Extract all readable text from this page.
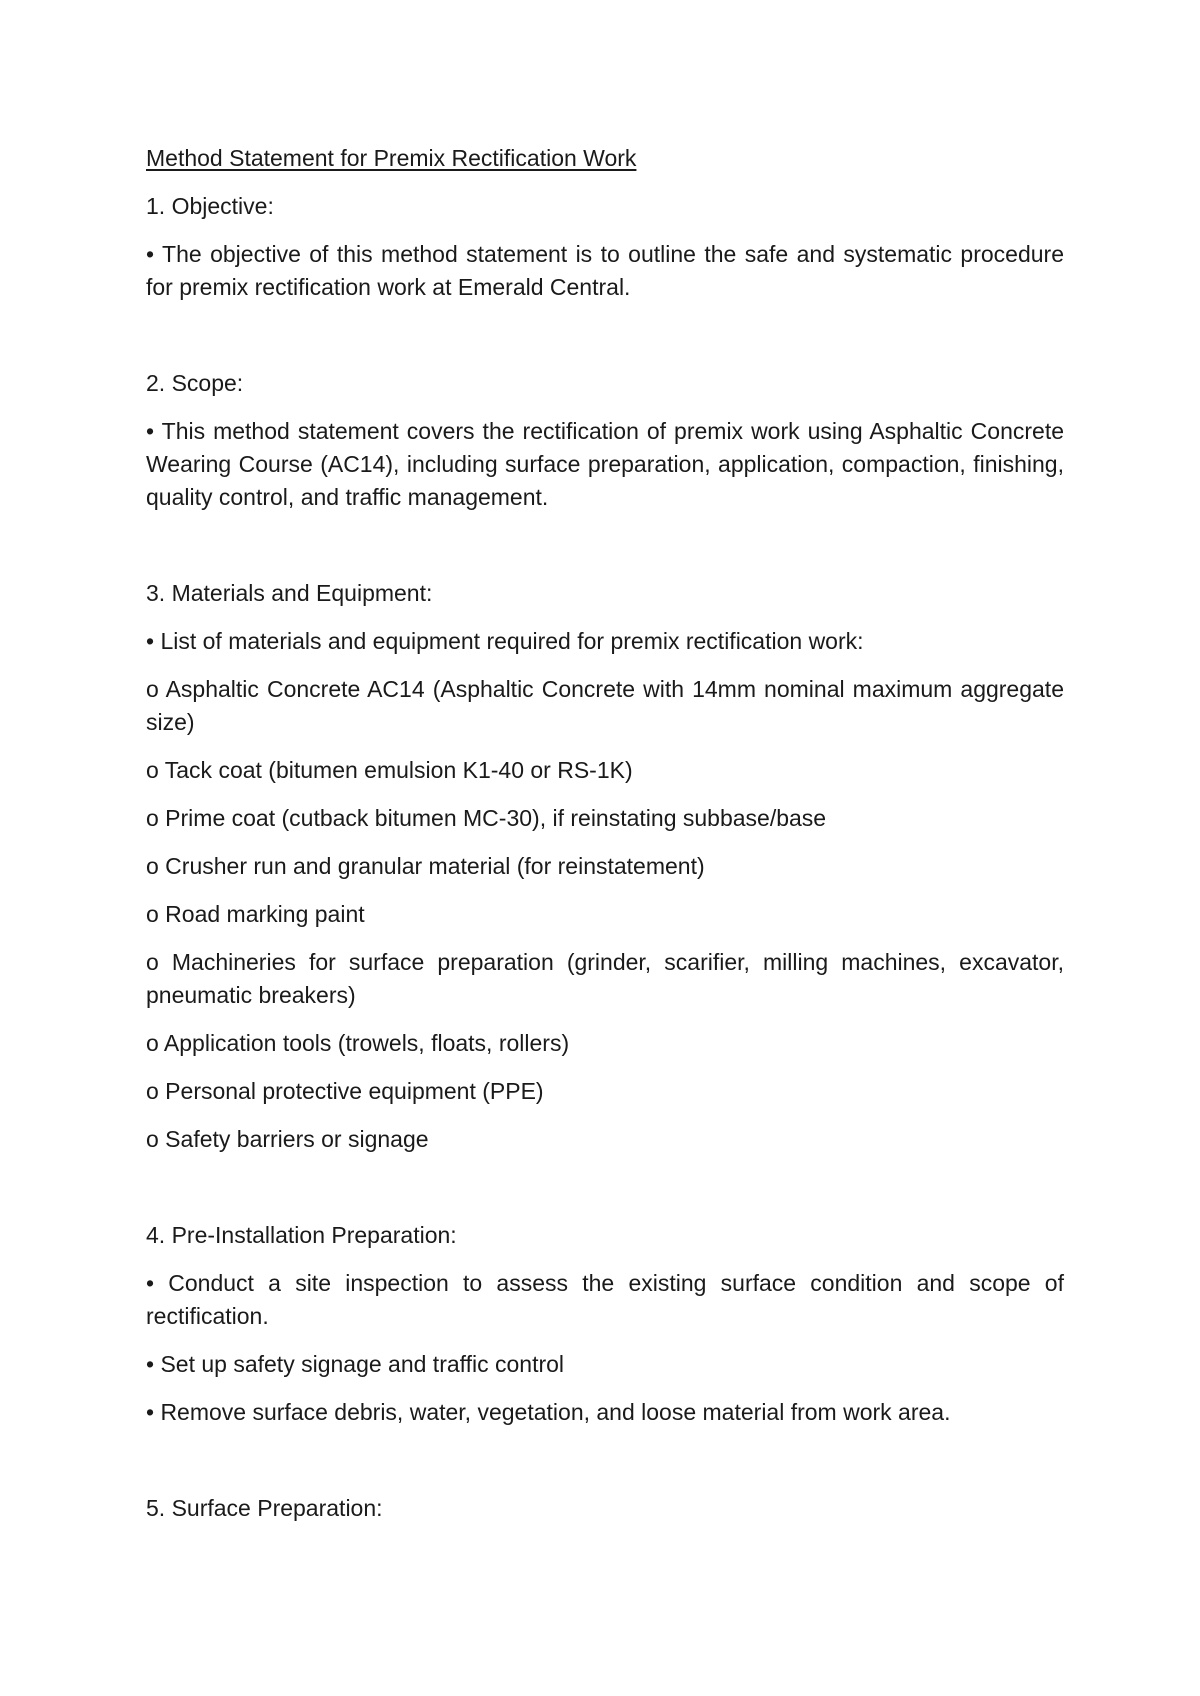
Method Statement for Premix Rectification Work
1. Objective:
• The objective of this method statement is to outline the safe and systematic procedure for premix rectification work at Emerald Central.
2. Scope:
• This method statement covers the rectification of premix work using Asphaltic Concrete Wearing Course (AC14), including surface preparation, application, compaction, finishing, quality control, and traffic management.
3. Materials and Equipment:
• List of materials and equipment required for premix rectification work:
o Asphaltic Concrete AC14 (Asphaltic Concrete with 14mm nominal maximum aggregate size)
o Tack coat (bitumen emulsion K1-40 or RS-1K)
o Prime coat (cutback bitumen MC-30), if reinstating subbase/base
o Crusher run and granular material (for reinstatement)
o Road marking paint
o Machineries for surface preparation (grinder, scarifier, milling machines, excavator, pneumatic breakers)
o Application tools (trowels, floats, rollers)
o Personal protective equipment (PPE)
o Safety barriers or signage
4. Pre-Installation Preparation:
• Conduct a site inspection to assess the existing surface condition and scope of rectification.
• Set up safety signage and traffic control
• Remove surface debris, water, vegetation, and loose material from work area.
5. Surface Preparation:
